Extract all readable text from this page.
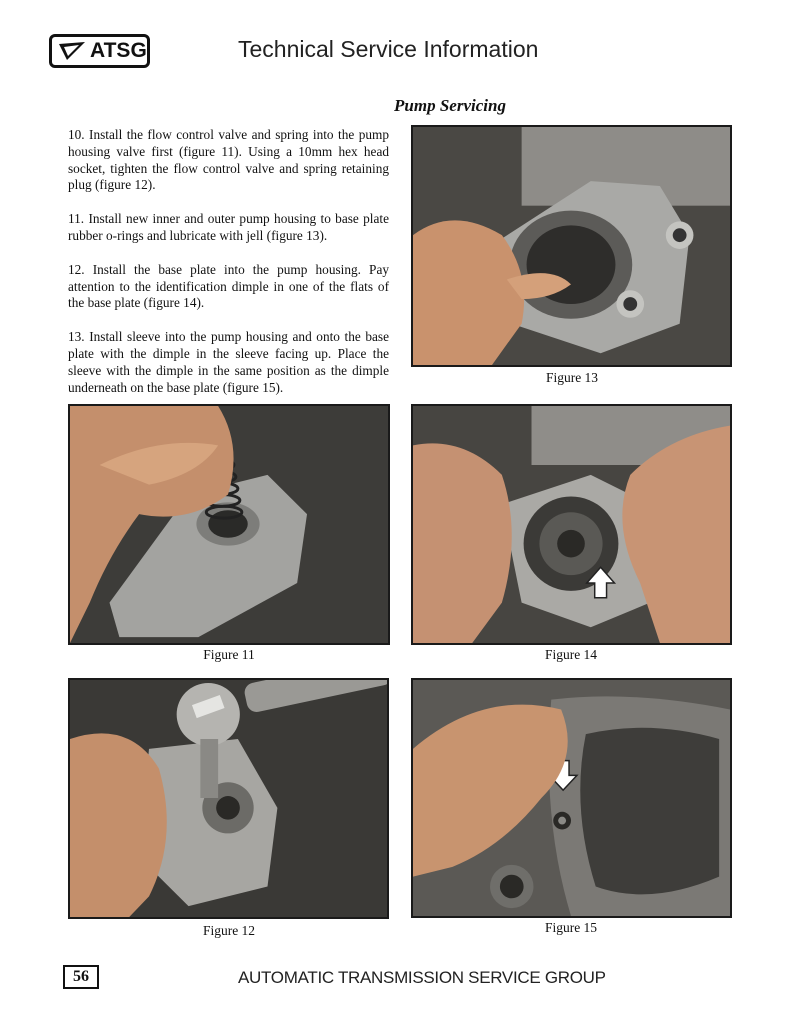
ATSG	Technical Service Information
Pump Servicing

10. Install the flow control valve and spring into the pump housing valve first (figure 11). Using a 10mm hex head socket, tighten the flow control valve and spring retaining plug (figure 12).

11. Install new inner and outer pump housing to base plate rubber o-rings and lubricate with jell (figure 13).

12. Install the base plate into the pump housing. Pay attention to the identification dimple in one of the flats of the base plate (figure 14).

13. Install sleeve into the pump housing and onto the base plate with the dimple in the sleeve facing up. Place the sleeve with the dimple in the same position as the dimple underneath on the base plate (figure 15).

Figure 13
Figure 11	Figure 14
Figure 12	Figure 15
56	AUTOMATIC TRANSMISSION SERVICE GROUP
